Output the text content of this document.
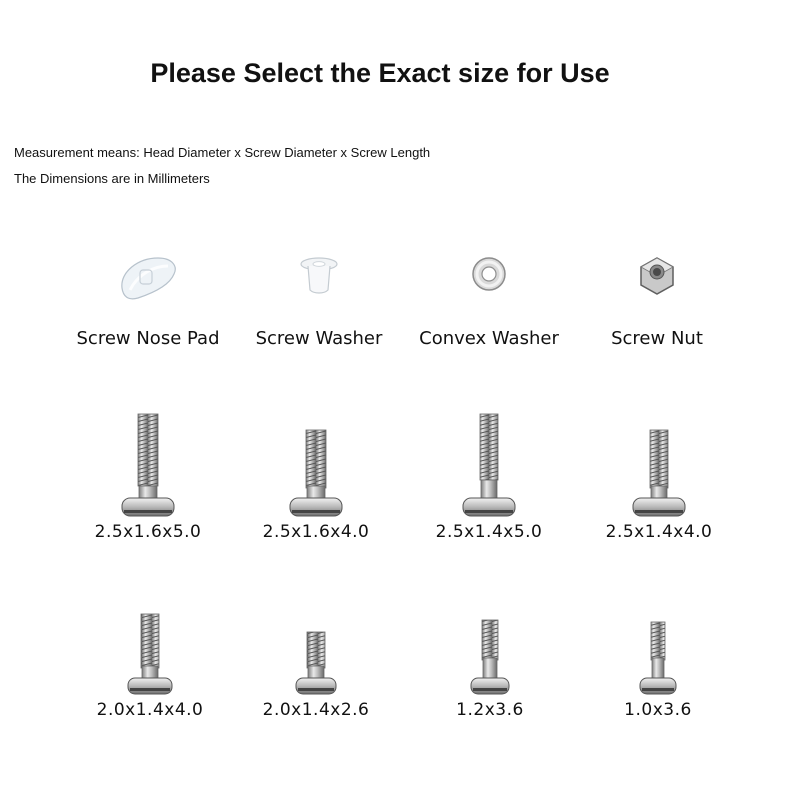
Please Select the Exact size for Use
Measurement means: Head Diameter x Screw Diameter x Screw Length
The Dimensions are in Millimeters
Screw Nose Pad	Screw Washer	Convex Washer	Screw Nut
2.5x1.6x5.0	2.5x1.6x4.0	2.5x1.4x5.0	2.5x1.4x4.0
2.0x1.4x4.0	2.0x1.4x2.6	1.2x3.6	1.0x3.6
